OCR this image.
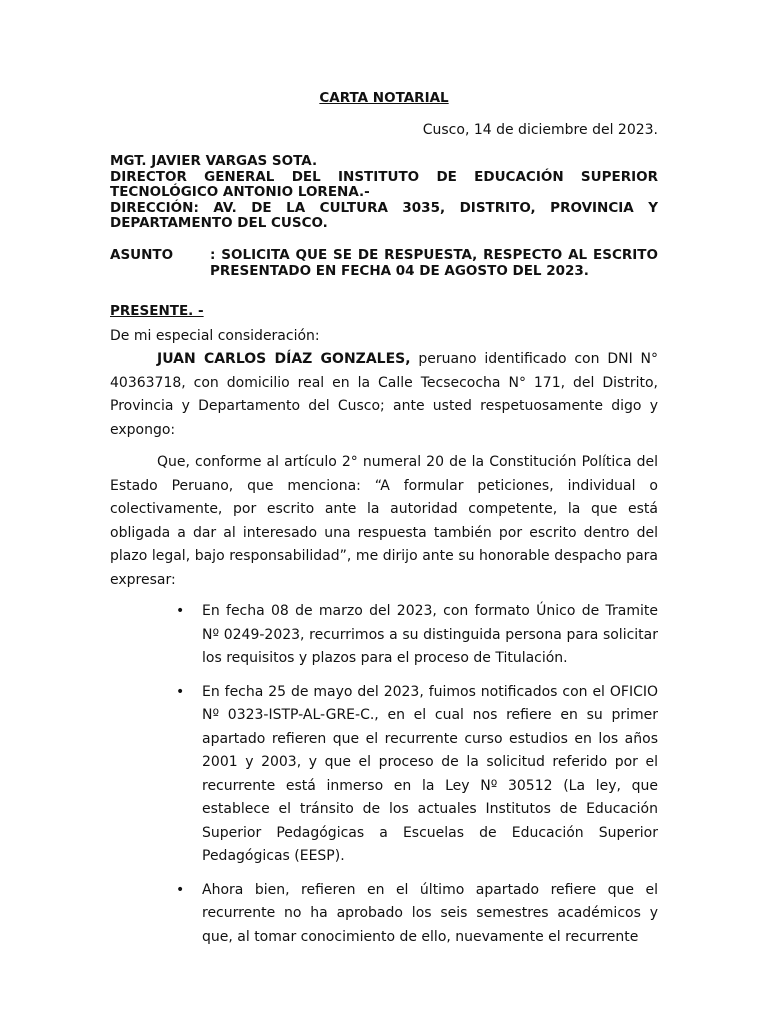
CARTA NOTARIAL
Cusco, 14 de diciembre del 2023.
MGT. JAVIER VARGAS SOTA.
DIRECTOR GENERAL DEL INSTITUTO DE EDUCACIÓN SUPERIOR TECNOLÓGICO ANTONIO LORENA.-
DIRECCIÓN: AV. DE LA CULTURA 3035, DISTRITO, PROVINCIA Y DEPARTAMENTO DEL CUSCO.
ASUNTO	: SOLICITA QUE SE DE RESPUESTA, RESPECTO AL ESCRITO PRESENTADO EN FECHA 04 DE AGOSTO DEL 2023.
PRESENTE. -
De mi especial consideración:
JUAN CARLOS DÍAZ GONZALES, peruano identificado con DNI N° 40363718, con domicilio real en la Calle Tecsecocha N° 171, del Distrito, Provincia y Departamento del Cusco; ante usted respetuosamente digo y expongo:
Que, conforme al artículo 2° numeral 20 de la Constitución Política del Estado Peruano, que menciona: “A formular peticiones, individual o colectivamente, por escrito ante la autoridad competente, la que está obligada a dar al interesado una respuesta también por escrito dentro del plazo legal, bajo responsabilidad”, me dirijo ante su honorable despacho para expresar:
• En fecha 08 de marzo del 2023, con formato Único de Tramite Nº 0249-2023, recurrimos a su distinguida persona para solicitar los requisitos y plazos para el proceso de Titulación.
• En fecha 25 de mayo del 2023, fuimos notificados con el OFICIO Nº 0323-ISTP-AL-GRE-C., en el cual nos refiere en su primer apartado refieren que el recurrente curso estudios en los años 2001 y 2003, y que el proceso de la solicitud referido por el recurrente está inmerso en la Ley Nº 30512 (La ley, que establece el tránsito de los actuales Institutos de Educación Superior Pedagógicas a Escuelas de Educación Superior Pedagógicas (EESP).
• Ahora bien, refieren en el último apartado refiere que el recurrente no ha aprobado los seis semestres académicos y que, al tomar conocimiento de ello, nuevamente el recurrente
